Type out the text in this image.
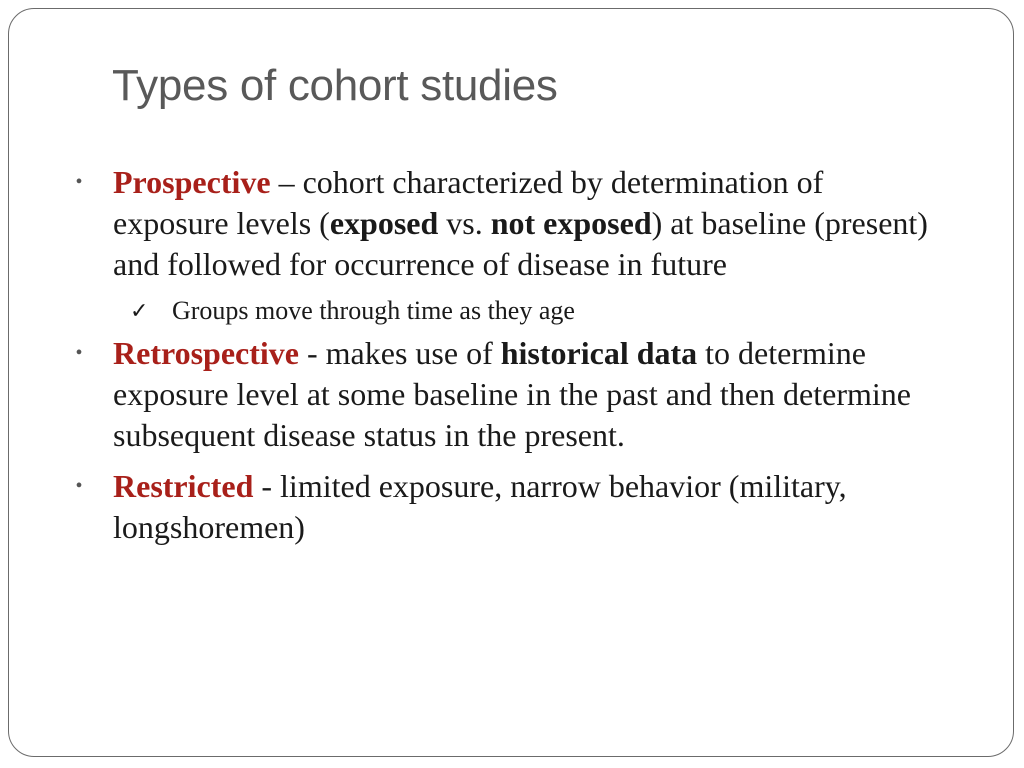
Types of cohort studies

• Prospective – cohort characterized by determination of exposure levels (exposed vs. not exposed) at baseline (present) and followed for occurrence of disease in future

✓ Groups move through time as they age

• Retrospective - makes use of historical data to determine exposure level at some baseline in the past and then determine subsequent disease status in the present.

• Restricted - limited exposure, narrow behavior (military, longshoremen)
